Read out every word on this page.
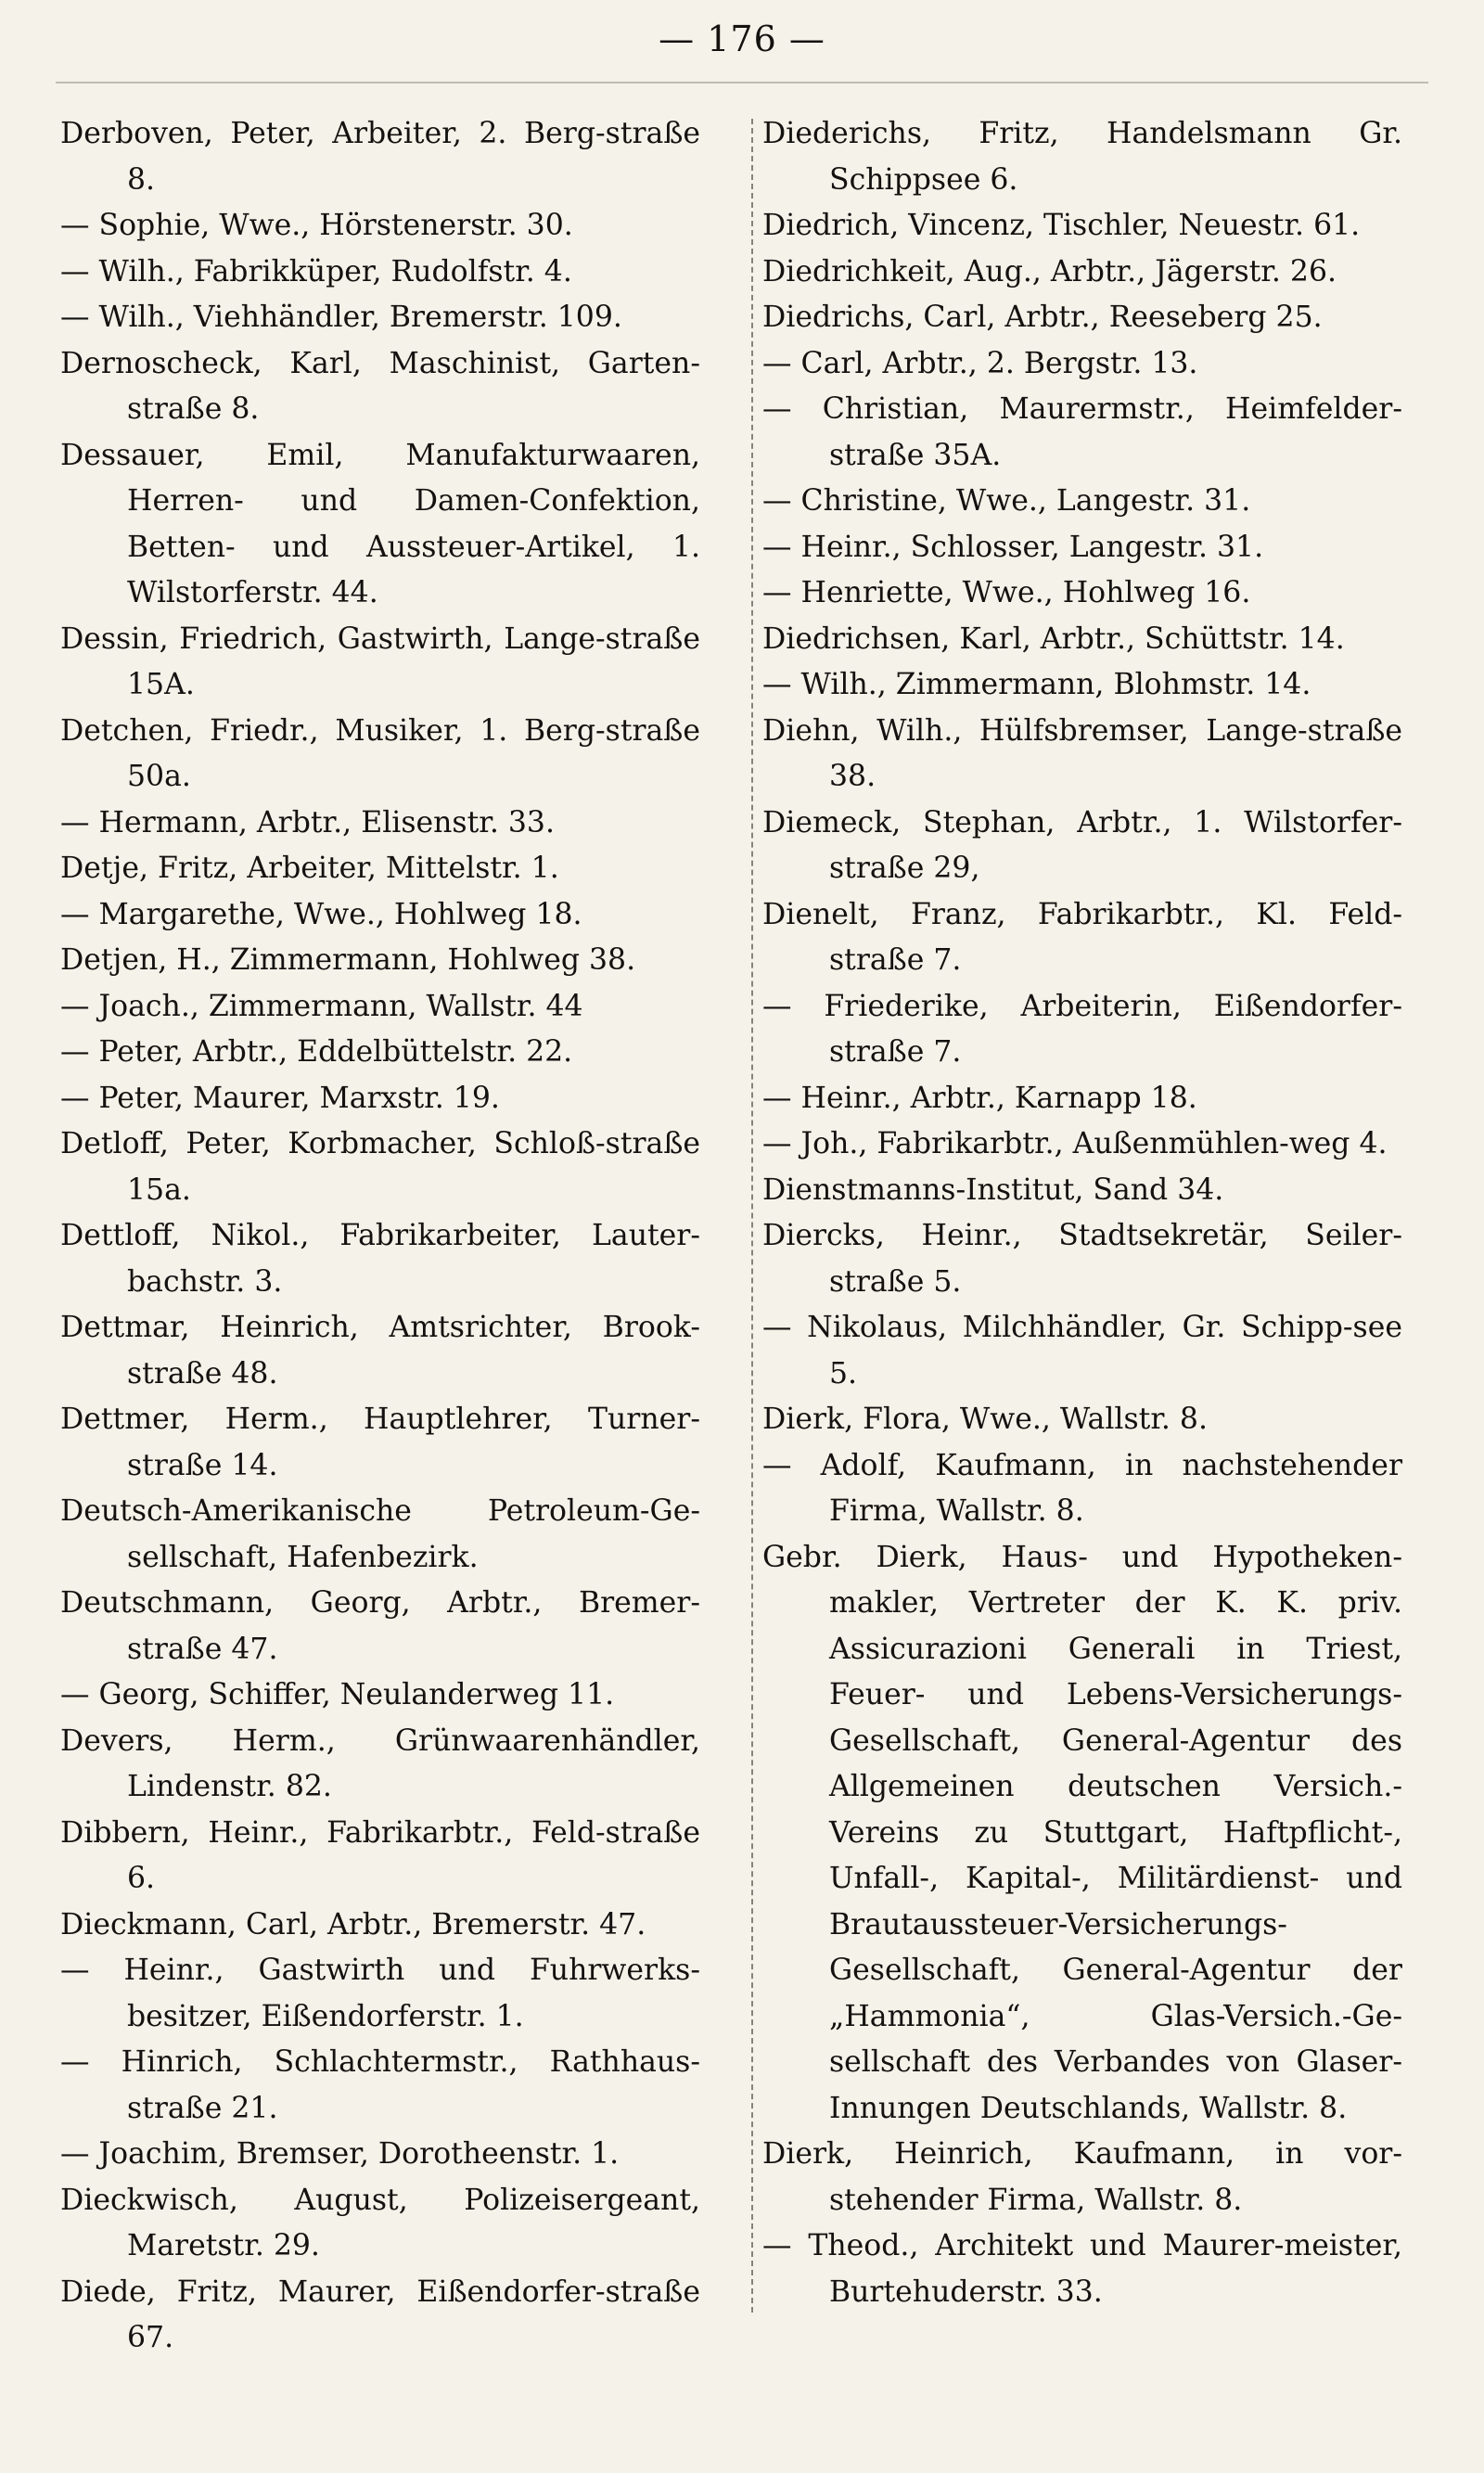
— 176 —
Derboven, Peter, Arbeiter, 2. Berg-straße 8.
— Sophie, Wwe., Hörstenerstr. 30.
— Wilh., Fabrikküper, Rudolfstr. 4.
— Wilh., Viehhändler, Bremerstr. 109.
Dernoscheck, Karl, Maschinist, Garten-straße 8.
Dessauer, Emil, Manufakturwaaren, Herren- und Damen-Confektion, Betten- und Aussteuer-Artikel, 1. Wilstorferstr. 44.
Dessin, Friedrich, Gastwirth, Lange-straße 15A.
Detchen, Friedr., Musiker, 1. Berg-straße 50a.
— Hermann, Arbtr., Elisenstr. 33.
Detje, Fritz, Arbeiter, Mittelstr. 1.
— Margarethe, Wwe., Hohlweg 18.
Detjen, H., Zimmermann, Hohlweg 38.
— Joach., Zimmermann, Wallstr. 44
— Peter, Arbtr., Eddelbüttelstr. 22.
— Peter, Maurer, Marxstr. 19.
Detloff, Peter, Korbmacher, Schloß-straße 15a.
Dettloff, Nikol., Fabrikarbeiter, Lauter-bachstr. 3.
Dettmar, Heinrich, Amtsrichter, Brook-straße 48.
Dettmer, Herm., Hauptlehrer, Turner-straße 14.
Deutsch-Amerikanische Petroleum-Ge-sellschaft, Hafenbezirk.
Deutschmann, Georg, Arbtr., Bremer-straße 47.
— Georg, Schiffer, Neulanderweg 11.
Devers, Herm., Grünwaarenhändler, Lindenstr. 82.
Dibbern, Heinr., Fabrikarbtr., Feld-straße 6.
Dieckmann, Carl, Arbtr., Bremerstr. 47.
— Heinr., Gastwirth und Fuhrwerks-besitzer, Eißendorferstr. 1.
— Hinrich, Schlachtermstr., Rathhaus-straße 21.
— Joachim, Bremser, Dorotheenstr. 1.
Dieckwisch, August, Polizeisergeant, Maretstr. 29.
Diede, Fritz, Maurer, Eißendorfer-straße 67.
Diederichs, Fritz, Handelsmann Gr. Schippsee 6.
Diedrich, Vincenz, Tischler, Neuestr. 61.
Diedrichkeit, Aug., Arbtr., Jägerstr. 26.
Diedrichs, Carl, Arbtr., Reeseberg 25.
— Carl, Arbtr., 2. Bergstr. 13.
— Christian, Maurermstr., Heimfelder-straße 35A.
— Christine, Wwe., Langestr. 31.
— Heinr., Schlosser, Langestr. 31.
— Henriette, Wwe., Hohlweg 16.
Diedrichsen, Karl, Arbtr., Schüttstr. 14.
— Wilh., Zimmermann, Blohmstr. 14.
Diehn, Wilh., Hülfsbremser, Lange-straße 38.
Diemeck, Stephan, Arbtr., 1. Wilstorfer-straße 29,
Dienelt, Franz, Fabrikarbtr., Kl. Feld-straße 7.
— Friederike, Arbeiterin, Eißendorfer-straße 7.
— Heinr., Arbtr., Karnapp 18.
— Joh., Fabrikarbtr., Außenmühlen-weg 4.
Dienstmanns-Institut, Sand 34.
Diercks, Heinr., Stadtsekretär, Seiler-straße 5.
— Nikolaus, Milchhändler, Gr. Schipp-see 5.
Dierk, Flora, Wwe., Wallstr. 8.
— Adolf, Kaufmann, in nachstehender Firma, Wallstr. 8.
Gebr. Dierk, Haus- und Hypotheken-makler, Vertreter der K. K. priv. Assicurazioni Generali in Triest, Feuer- und Lebens-Versicherungs-Gesellschaft, General-Agentur des Allgemeinen deutschen Versich.-Vereins zu Stuttgart, Haftpflicht-, Unfall-, Kapital-, Militärdienst- und Brautaussteuer-Versicherungs-Gesellschaft, General-Agentur der „Hammonia“, Glas-Versich.-Ge-sellschaft des Verbandes von Glaser-Innungen Deutschlands, Wallstr. 8.
Dierk, Heinrich, Kaufmann, in vor-stehender Firma, Wallstr. 8.
— Theod., Architekt und Maurer-meister, Burtehuderstr. 33.
